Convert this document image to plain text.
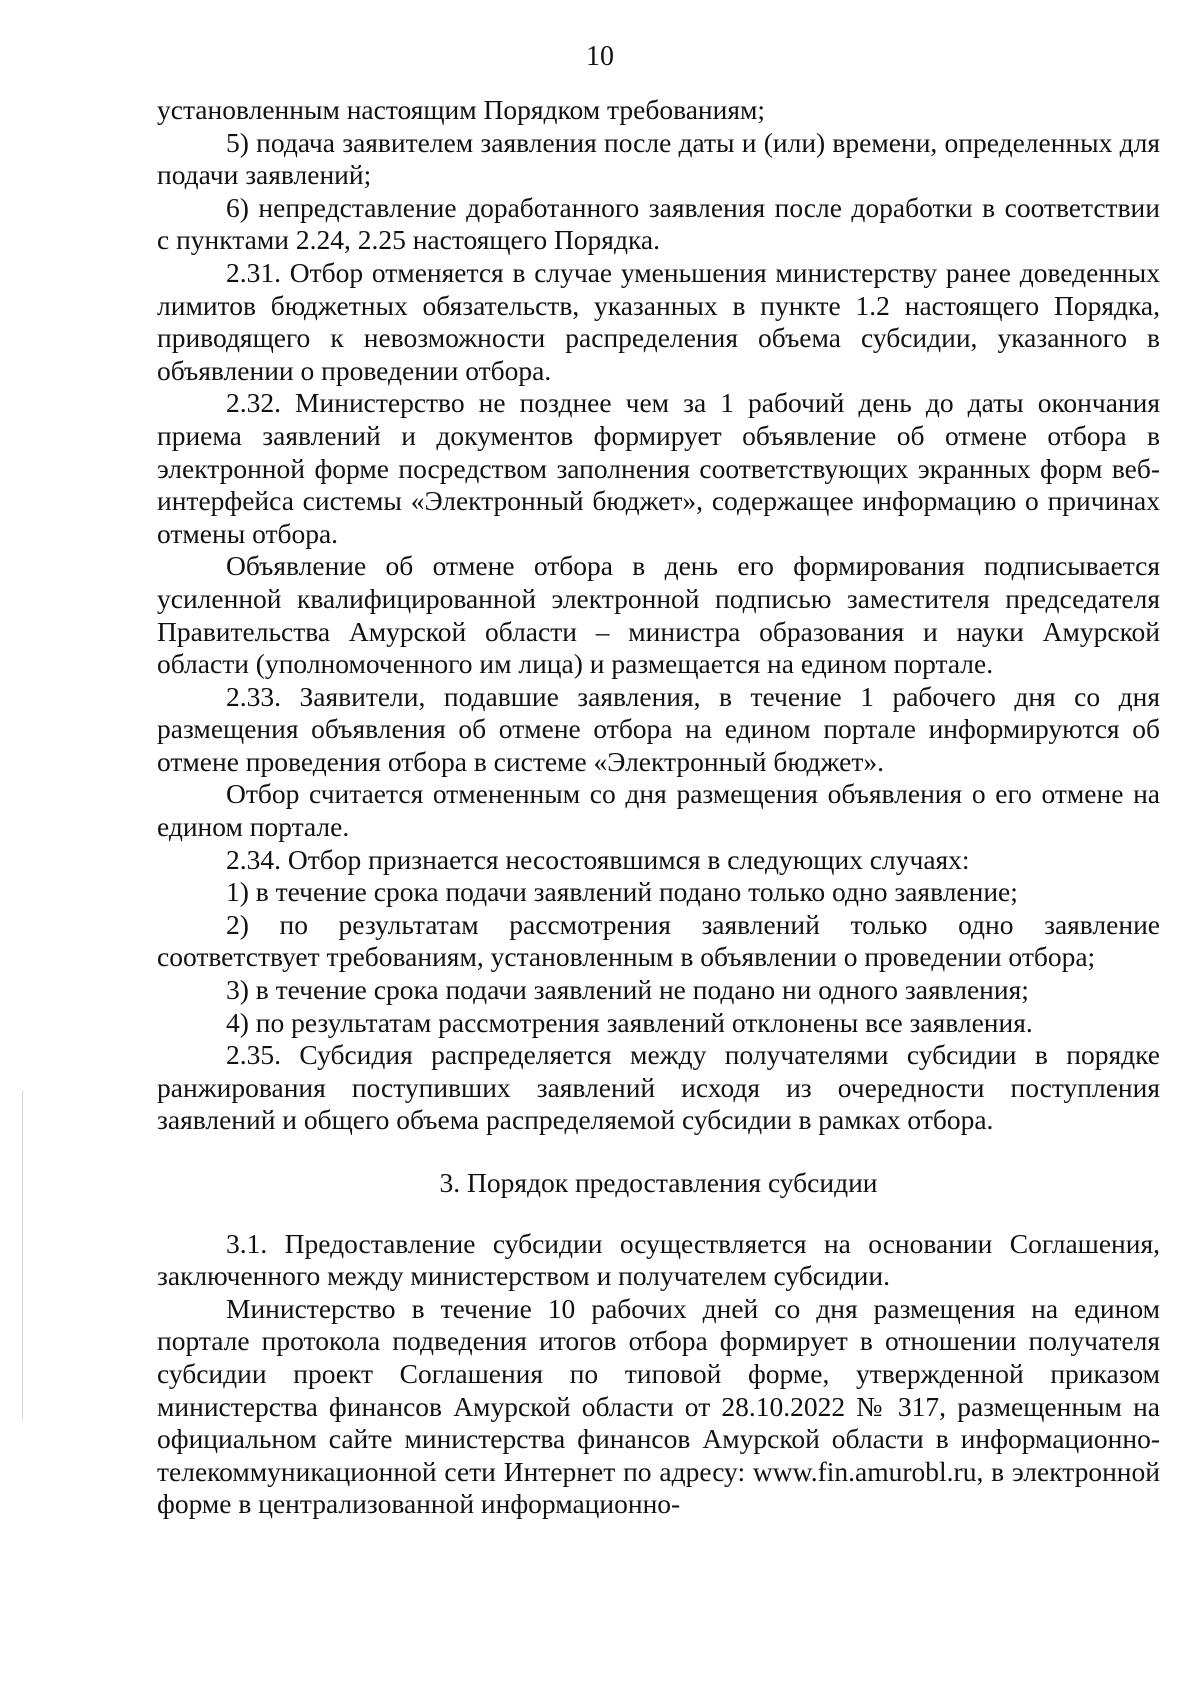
10

установленным настоящим Порядком требованиям;

5) подача заявителем заявления после даты и (или) времени, определенных для подачи заявлений;

6) непредставление доработанного заявления после доработки в соответствии с пунктами 2.24, 2.25 настоящего Порядка.

2.31. Отбор отменяется в случае уменьшения министерству ранее доведенных лимитов бюджетных обязательств, указанных в пункте 1.2 настоящего Порядка, приводящего к невозможности распределения объема субсидии, указанного в объявлении о проведении отбора.

2.32. Министерство не позднее чем за 1 рабочий день до даты окончания приема заявлений и документов формирует объявление об отмене отбора в электронной форме посредством заполнения соответствующих экранных форм веб-интерфейса системы «Электронный бюджет», содержащее информацию о причинах отмены отбора.

Объявление об отмене отбора в день его формирования подписывается усиленной квалифицированной электронной подписью заместителя председателя Правительства Амурской области – министра образования и науки Амурской области (уполномоченного им лица) и размещается на едином портале.

2.33. Заявители, подавшие заявления, в течение 1 рабочего дня со дня размещения объявления об отмене отбора на едином портале информируются об отмене проведения отбора в системе «Электронный бюджет».

Отбор считается отмененным со дня размещения объявления о его отмене на едином портале.

2.34. Отбор признается несостоявшимся в следующих случаях:

1) в течение срока подачи заявлений подано только одно заявление;

2) по результатам рассмотрения заявлений только одно заявление соответствует требованиям, установленным в объявлении о проведении отбора;

3) в течение срока подачи заявлений не подано ни одного заявления;

4) по результатам рассмотрения заявлений отклонены все заявления.

2.35. Субсидия распределяется между получателями субсидии в порядке ранжирования поступивших заявлений исходя из очередности поступления заявлений и общего объема распределяемой субсидии в рамках отбора.

3. Порядок предоставления субсидии

3.1. Предоставление субсидии осуществляется на основании Соглашения, заключенного между министерством и получателем субсидии.

Министерство в течение 10 рабочих дней со дня размещения на едином портале протокола подведения итогов отбора формирует в отношении получателя субсидии проект Соглашения по типовой форме, утвержденной приказом министерства финансов Амурской области от 28.10.2022 № 317, размещенным на официальном сайте министерства финансов Амурской области в информационно-телекоммуникационной сети Интернет по адресу: www.fin.amurobl.ru, в электронной форме в централизованной информационно-
